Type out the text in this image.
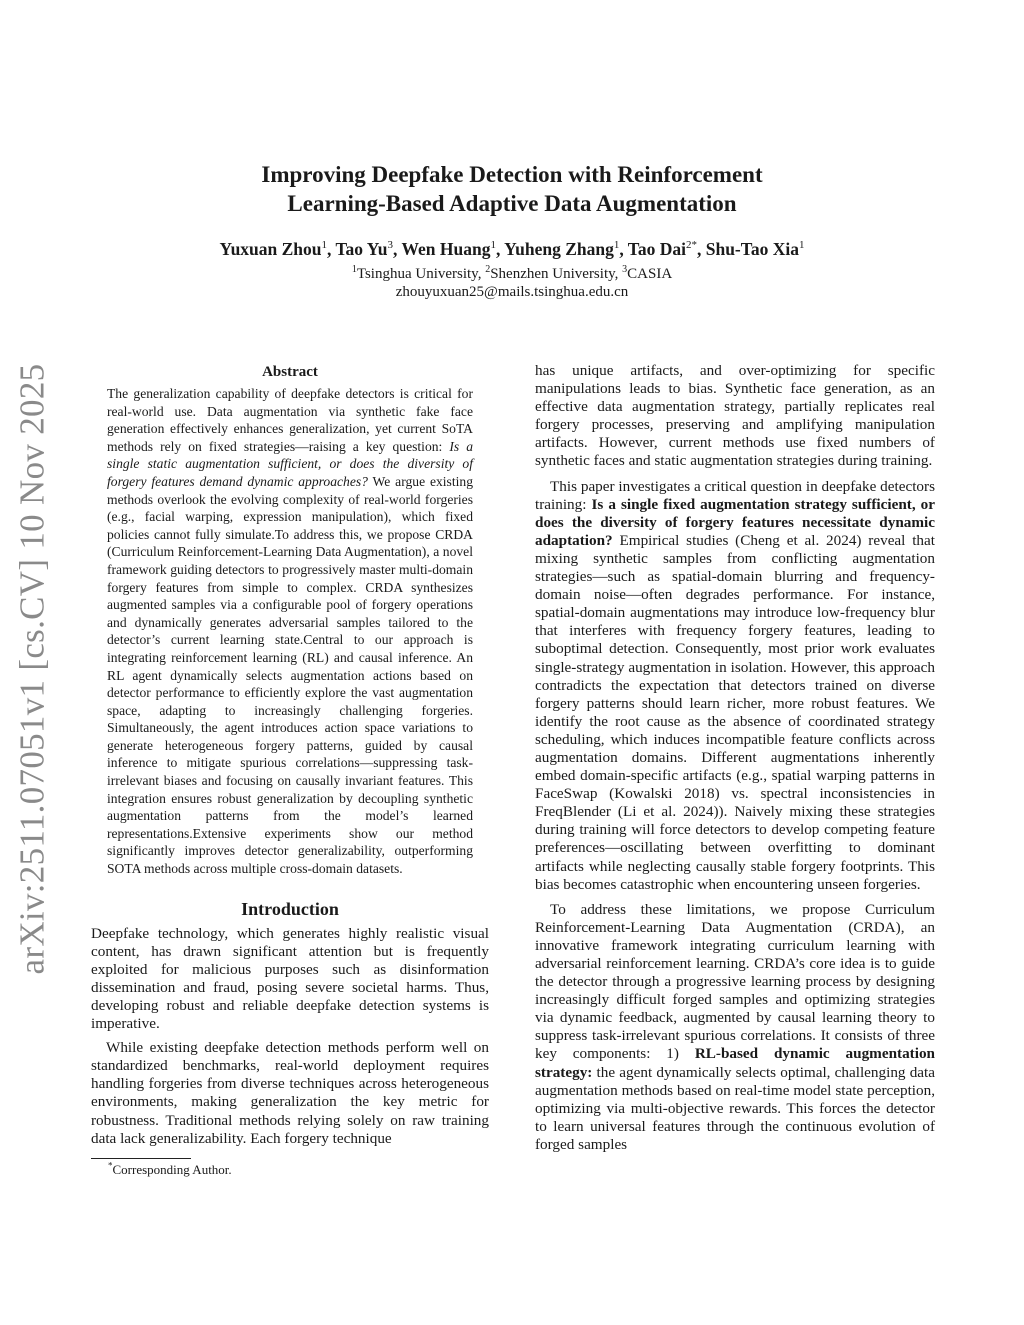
arXiv:2511.07051v1 [cs.CV] 10 Nov 2025
Improving Deepfake Detection with Reinforcement
Learning-Based Adaptive Data Augmentation
Yuxuan Zhou$^1$, Tao Yu$^3$, Wen Huang$^1$, Yuheng Zhang$^1$, Tao Dai$^{2*}$, Shu-Tao Xia$^1$
$^1$Tsinghua University, $^2$Shenzhen University, $^3$CASIA
zhouyuxuan25@mails.tsinghua.edu.cn
Abstract
The generalization capability of deepfake detectors is critical for real-world use. Data augmentation via synthetic fake face generation effectively enhances generalization, yet current SoTA methods rely on fixed strategies—raising a key question: Is a single static augmentation sufficient, or does the diversity of forgery features demand dynamic approaches? We argue existing methods overlook the evolving complexity of real-world forgeries (e.g., facial warping, expression manipulation), which fixed policies cannot fully simulate.To address this, we propose CRDA (Curriculum Reinforcement-Learning Data Augmentation), a novel framework guiding detectors to progressively master multi-domain forgery features from simple to complex. CRDA synthesizes augmented samples via a configurable pool of forgery operations and dynamically generates adversarial samples tailored to the detector’s current learning state.Central to our approach is integrating reinforcement learning (RL) and causal inference. An RL agent dynamically selects augmentation actions based on detector performance to efficiently explore the vast augmentation space, adapting to increasingly challenging forgeries. Simultaneously, the agent introduces action space variations to generate heterogeneous forgery patterns, guided by causal inference to mitigate spurious correlations—suppressing task-irrelevant biases and focusing on causally invariant features. This integration ensures robust generalization by decoupling synthetic augmentation patterns from the model’s learned representations.Extensive experiments show our method significantly improves detector generalizability, outperforming SOTA methods across multiple cross-domain datasets.
Introduction

Deepfake technology, which generates highly realistic visual content, has drawn significant attention but is frequently exploited for malicious purposes such as disinformation dissemination and fraud, posing severe societal harms. Thus, developing robust and reliable deepfake detection systems is imperative.

While existing deepfake detection methods perform well on standardized benchmarks, real-world deployment requires handling forgeries from diverse techniques across heterogeneous environments, making generalization the key metric for robustness. Traditional methods relying solely on raw training data lack generalizability. Each forgery technique

has unique artifacts, and over-optimizing for specific manipulations leads to bias. Synthetic face generation, as an effective data augmentation strategy, partially replicates real forgery processes, preserving and amplifying manipulation artifacts. However, current methods use fixed numbers of synthetic faces and static augmentation strategies during training.

This paper investigates a critical question in deepfake detectors training: Is a single fixed augmentation strategy sufficient, or does the diversity of forgery features necessitate dynamic adaptation? Empirical studies (Cheng et al. 2024) reveal that mixing synthetic samples from conflicting augmentation strategies—such as spatial-domain blurring and frequency-domain noise—often degrades performance. For instance, spatial-domain augmentations may introduce low-frequency blur that interferes with frequency forgery features, leading to suboptimal detection. Consequently, most prior work evaluates single-strategy augmentation in isolation. However, this approach contradicts the expectation that detectors trained on diverse forgery patterns should learn richer, more robust features. We identify the root cause as the absence of coordinated strategy scheduling, which induces incompatible feature conflicts across augmentation domains. Different augmentations inherently embed domain-specific artifacts (e.g., spatial warping patterns in FaceSwap (Kowalski 2018) vs. spectral inconsistencies in FreqBlender (Li et al. 2024)). Naively mixing these strategies during training will force detectors to develop competing feature preferences—oscillating between overfitting to dominant artifacts while neglecting causally stable forgery footprints. This bias becomes catastrophic when encountering unseen forgeries.

To address these limitations, we propose Curriculum Reinforcement-Learning Data Augmentation (CRDA), an innovative framework integrating curriculum learning with adversarial reinforcement learning. CRDA’s core idea is to guide the detector through a progressive learning process by designing increasingly difficult forged samples and optimizing strategies via dynamic feedback, augmented by causal learning theory to suppress task-irrelevant spurious correlations. It consists of three key components: 1) RL-based dynamic augmentation strategy: the agent dynamically selects optimal, challenging data augmentation methods based on real-time model state perception, optimizing via multi-objective rewards. This forces the detector to learn universal features through the continuous evolution of forged samples

*Corresponding Author.
